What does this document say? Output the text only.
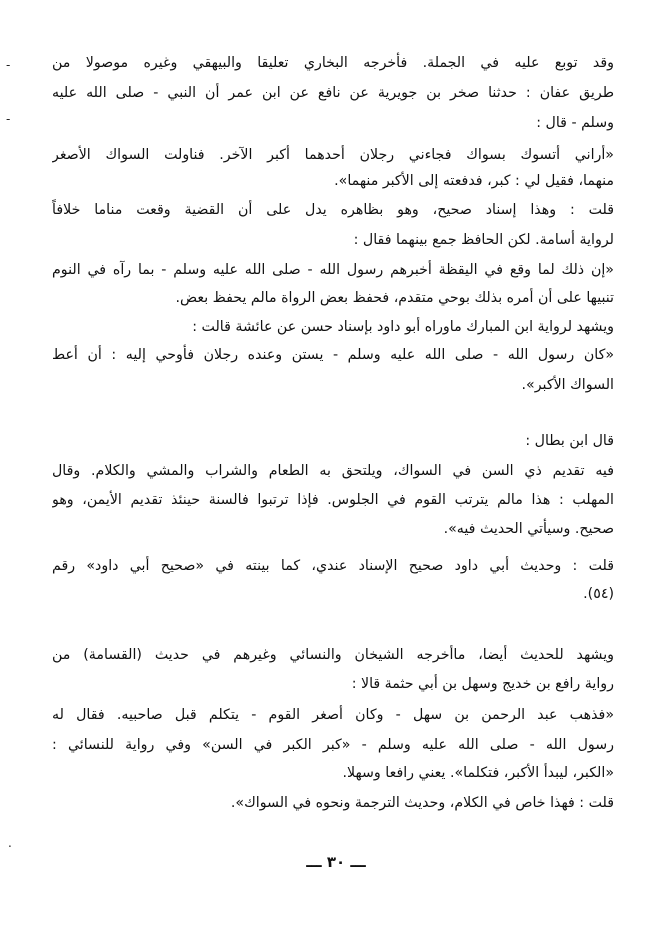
-
-
.
وقد توبع عليه في الجملة. فأخرجه البخاري تعليقا والبيهقي وغيره موصولا من
طريق عفان : حدثنا صخر بن جويرية عن نافع عن ابن عمر أن النبي - صلى الله عليه
وسلم - قال :
«أراني أتسوك بسواك فجاءني رجلان أحدهما أكبر الآخر. فناولت السواك الأصغر
منهما، فقيل لي : كبر، فدفعته إلى الأكبر منهما».
قلت : وهذا إسناد صحيح، وهو بظاهره يدل على أن القضية وقعت مناما خلافاً
لرواية أسامة. لكن الحافظ جمع بينهما فقال :
«إن ذلك لما وقع في اليقظة أخبرهم رسول الله - صلى الله عليه وسلم - بما رآه في النوم
تنبيها على أن أمره بذلك بوحي متقدم، فحفظ بعض الرواة مالم يحفظ بعض.
ويشهد لرواية ابن المبارك ماوراه أبو داود بإسناد حسن عن عائشة قالت :
«كان رسول الله - صلى الله عليه وسلم - يستن وعنده رجلان فأوحي إليه : أن أعط
السواك الأكبر».
قال ابن بطال :
فيه تقديم ذي السن في السواك، ويلتحق به الطعام والشراب والمشي والكلام. وقال
المهلب : هذا مالم يترتب القوم في الجلوس. فإذا ترتبوا فالسنة حينئذ تقديم الأيمن، وهو
صحيح. وسيأتي الحديث فيه».
قلت : وحديث أبي داود صحيح الإسناد عندي، كما بينته في «صحيح أبي داود» رقم
(٥٤).
ويشهد للحديث أيضا، ماأخرجه الشيخان والنسائي وغيرهم في حديث (القسامة) من
رواية رافع بن خديج وسهل بن أبي حثمة قالا :
«فذهب عبد الرحمن بن سهل - وكان أصغر القوم - يتكلم قبل صاحبيه. فقال له
رسول الله - صلى الله عليه وسلم - «كبر الكبر في السن» وفي رواية للنسائي :
«الكبر، ليبدأ الأكبر، فتكلما». يعني رافعا وسهلا.
قلت : فهذا خاص في الكلام، وحديث الترجمة ونحوه في السواك».
ـــ ٣٠ ـــ
